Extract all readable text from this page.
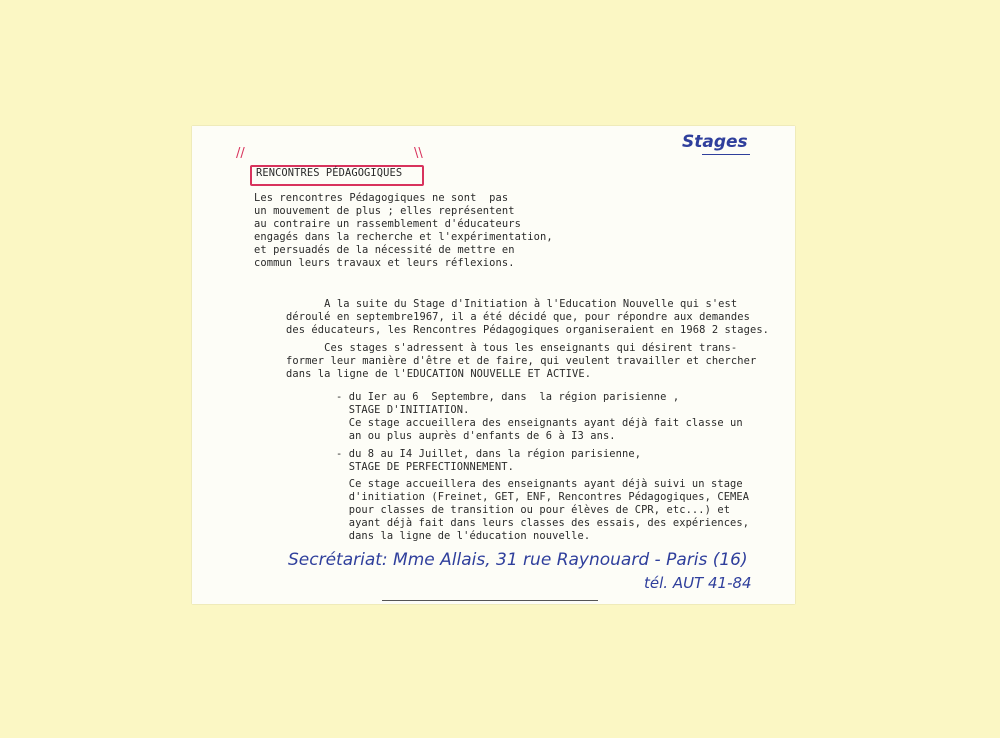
Stages
//	\\
RENCONTRES PÉDAGOGIQUES
Les rencontres Pédagogiques ne sont  pas
un mouvement de plus ; elles représentent
au contraire un rassemblement d'éducateurs
engagés dans la recherche et l'expérimentation,
et persuadés de la nécessité de mettre en
commun leurs travaux et leurs réflexions.
A la suite du Stage d'Initiation à l'Education Nouvelle qui s'est
déroulé en septembre1967, il a été décidé que, pour répondre aux demandes
des éducateurs, les Rencontres Pédagogiques organiseraient en 1968 2 stages.
Ces stages s'adressent à tous les enseignants qui désirent trans-
former leur manière d'être et de faire, qui veulent travailler et chercher
dans la ligne de l'EDUCATION NOUVELLE ET ACTIVE.
- du Ier au 6  Septembre, dans  la région parisienne ,
STAGE D'INITIATION.
Ce stage accueillera des enseignants ayant déjà fait classe un
an ou plus auprès d'enfants de 6 à I3 ans.
- du 8 au I4 Juillet, dans la région parisienne,
STAGE DE PERFECTIONNEMENT.
Ce stage accueillera des enseignants ayant déjà suivi un stage
d'initiation (Freinet, GET, ENF, Rencontres Pédagogiques, CEMEA
pour classes de transition ou pour élèves de CPR, etc...) et
ayant déjà fait dans leurs classes des essais, des expériences,
dans la ligne de l'éducation nouvelle.
Secrétariat: Mme Allais, 31 rue Raynouard - Paris (16)
tél. AUT 41-84
